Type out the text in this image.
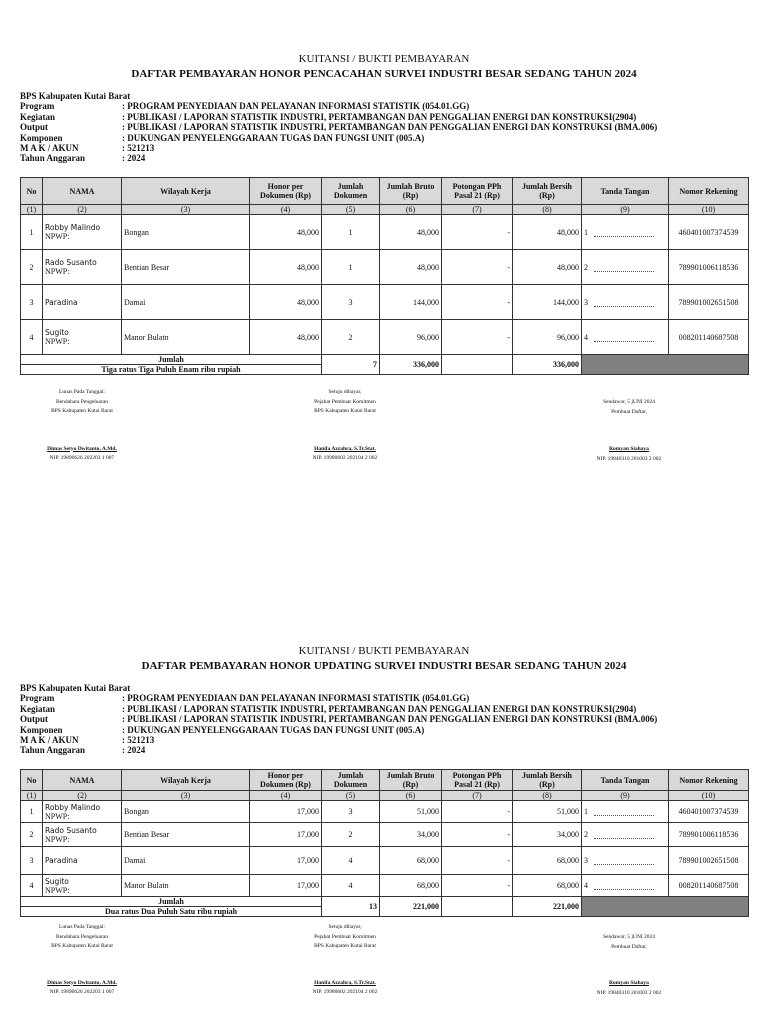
KUITANSI / BUKTI PEMBAYARAN
DAFTAR PEMBAYARAN HONOR PENCACAHAN SURVEI INDUSTRI BESAR SEDANG TAHUN 2024
BPS Kabupaten Kutai Barat
Program	: PROGRAM PENYEDIAAN DAN PELAYANAN INFORMASI STATISTIK (054.01.GG)
Kegiatan	: PUBLIKASI / LAPORAN STATISTIK INDUSTRI, PERTAMBANGAN DAN PENGGALIAN ENERGI DAN KONSTRUKSI(2904)
Output	: PUBLIKASI / LAPORAN STATISTIK INDUSTRI, PERTAMBANGAN DAN PENGGALIAN ENERGI DAN KONSTRUKSI (BMA.006)
Komponen	: DUKUNGAN PENYELENGGARAAN TUGAS DAN FUNGSI UNIT (005.A)
M A K / AKUN	: 521213
Tahun Anggaran	: 2024
No	NAMA	Wilayah Kerja	Honor per Dokumen (Rp)	Jumlah Dokumen	Jumlah Bruto (Rp)	Potongan PPh Pasal 21 (Rp)	Jumlah Bersih (Rp)	Tanda Tangan	Nomor Rekening
(1)	(2)	(3)	(4)	(5)	(6)	(7)	(8)	(9)	(10)
1	Robby Malindo
NPWP:	Bongan	48,000	1	48,000	-	48,000	1	460401007374539
2	Rado Susanto
NPWP:	Bentian Besar	48,000	1	48,000	-	48,000	2	789901006118536
3	Paradina	Damai	48,000	3	144,000	-	144,000	3	789901002651508
4	Sugito
NPWP:	Manor Bulatn	48,000	2	96,000	-	96,000	4	008201140687508

Jumlah
Tiga ratus Tiga Puluh Enam ribu rupiah				7	336,000		336,000		
Lunas Pada Tanggal:
Bendahara Pengeluaran
BPS Kabupaten Kutai Barat
Dimas Setyo Dwitanto, A.Md.
NIP. 19890626 202203 1 007
Setuju dibayar,
Pejabat Pembuat Komitmen
BPS Kabupaten Kutai Barat
Hanifa Azzahra, S.Tr.Stat.
NIP. 19980602 202104 2 002
Sendawar, 5 jUNI 2024
Pembuat Daftar,
Romyan Siahaya
NIP. 19840310 201003 2 002
KUITANSI / BUKTI PEMBAYARAN
DAFTAR PEMBAYARAN HONOR UPDATING SURVEI INDUSTRI BESAR SEDANG TAHUN 2024
BPS Kabupaten Kutai Barat
Program	: PROGRAM PENYEDIAAN DAN PELAYANAN INFORMASI STATISTIK (054.01.GG)
Kegiatan	: PUBLIKASI / LAPORAN STATISTIK INDUSTRI, PERTAMBANGAN DAN PENGGALIAN ENERGI DAN KONSTRUKSI(2904)
Output	: PUBLIKASI / LAPORAN STATISTIK INDUSTRI, PERTAMBANGAN DAN PENGGALIAN ENERGI DAN KONSTRUKSI (BMA.006)
Komponen	: DUKUNGAN PENYELENGGARAAN TUGAS DAN FUNGSI UNIT (005.A)
M A K / AKUN	: 521213
Tahun Anggaran	: 2024
No	NAMA	Wilayah Kerja	Honor per Dokumen (Rp)	Jumlah Dokumen	Jumlah Bruto (Rp)	Potongan PPh Pasal 21 (Rp)	Jumlah Bersih (Rp)	Tanda Tangan	Nomor Rekening
(1)	(2)	(3)	(4)	(5)	(6)	(7)	(8)	(9)	(10)
1	Robby Malindo
NPWP:	Bongan	17,000	3	51,000	-	51,000	1	460401007374539
2	Rado Susanto
NPWP:	Bentian Besar	17,000	2	34,000	-	34,000	2	789901006118536
3	Paradina	Damai	17,000	4	68,000	-	68,000	3	789901002651508
4	Sugito
NPWP:	Manor Bulatn	17,000	4	68,000	-	68,000	4	008201140687508

Jumlah
Dua ratus Dua Puluh Satu ribu rupiah				13	221,000		221,000		
Lunas Pada Tanggal:
Bendahara Pengeluaran
BPS Kabupaten Kutai Barat
Dimas Setyo Dwitanto, A.Md.
NIP. 19890626 202203 1 007
Setuju dibayar,
Pejabat Pembuat Komitmen
BPS Kabupaten Kutai Barat
Hanifa Azzahra, S.Tr.Stat.
NIP. 19980602 202104 2 002
Sendawar, 5 jUNI 2024
Pembuat Daftar,
Romyan Siahaya
NIP. 19840310 201003 2 002
